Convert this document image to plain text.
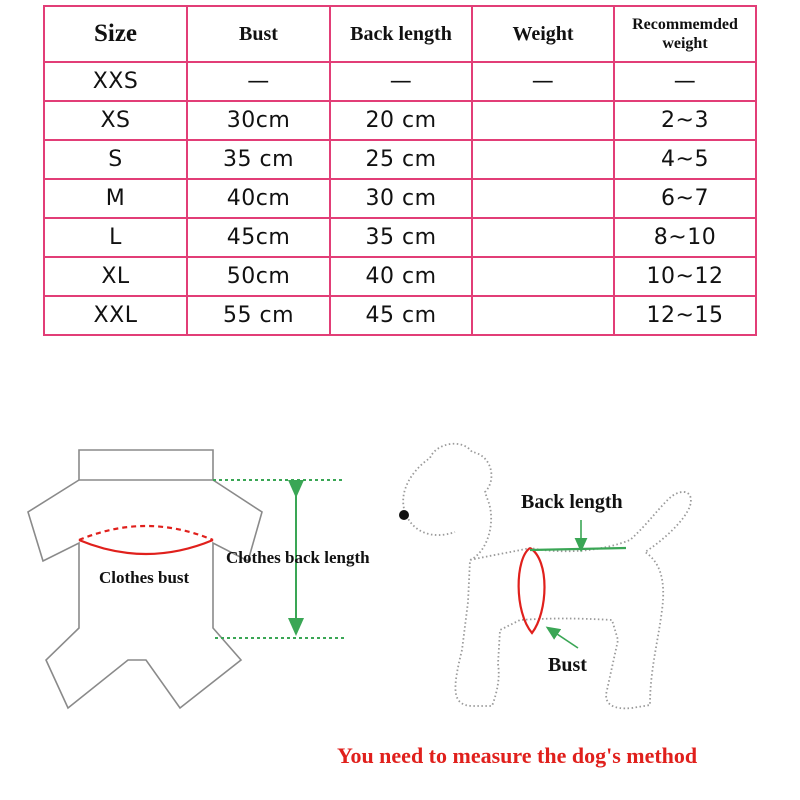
Size	Bust	Back length	Weight	Recommemded weight
XXS	—	—	—	—
XS	30cm	20 cm		2~3
S	35 cm	25 cm		4~5
M	40cm	30 cm		6~7
L	45cm	35 cm		8~10
XL	50cm	40 cm		10~12
XXL	55 cm	45 cm		12~15
Clothes bust
Clothes back length
Back length
Bust
You need to measure the dog's method
